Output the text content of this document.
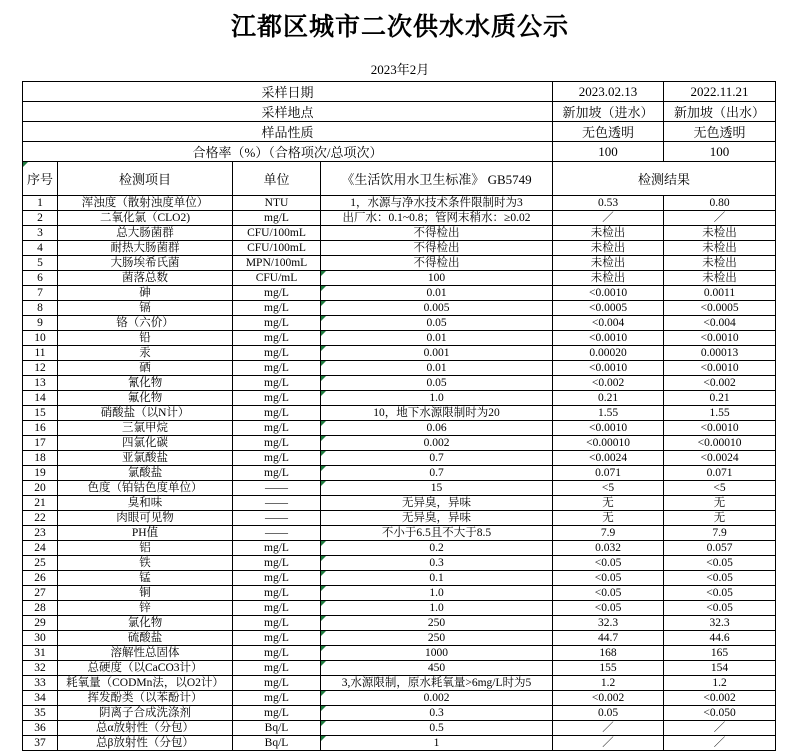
江都区城市二次供水水质公示
2023年2月
采样日期				2023.02.13	2022.11.21
采样地点				新加坡（进水）	新加坡（出水）
样品性质				无色透明	无色透明
合格率（%）（合格项次/总项次）				100	100
序号	检测项目	单位	《生活饮用水卫生标准》 GB5749	检测结果	
1	浑浊度（散射浊度单位）	NTU	1，水源与净水技术条件限制时为3	0.53	0.80
2	二氧化氯（CLO2)	mg/L	出厂水：0.1~0.8；管网末稍水：≥0.02	／	／
3	总大肠菌群	CFU/100mL	不得检出	未检出	未检出
4	耐热大肠菌群	CFU/100mL	不得检出	未检出	未检出
5	大肠埃希氏菌	MPN/100mL	不得检出	未检出	未检出
6	菌落总数	CFU/mL	100	未检出	未检出
7	砷	mg/L	0.01	<0.0010	0.0011
8	镉	mg/L	0.005	<0.0005	<0.0005
9	铬（六价）	mg/L	0.05	<0.004	<0.004
10	铅	mg/L	0.01	<0.0010	<0.0010
11	汞	mg/L	0.001	0.00020	0.00013
12	硒	mg/L	0.01	<0.0010	<0.0010
13	氰化物	mg/L	0.05	<0.002	<0.002
14	氟化物	mg/L	1.0	0.21	0.21
15	硝酸盐（以N计）	mg/L	10，地下水源限制时为20	1.55	1.55
16	三氯甲烷	mg/L	0.06	<0.0010	<0.0010
17	四氯化碳	mg/L	0.002	<0.00010	<0.00010
18	亚氯酸盐	mg/L	0.7	<0.0024	<0.0024
19	氯酸盐	mg/L	0.7	0.071	0.071
20	色度（铂钴色度单位）	——	15	<5	<5
21	臭和味	——	无异臭，异味	无	无
22	肉眼可见物	——	无异臭，异味	无	无
23	PH值	——	不小于6.5且不大于8.5	7.9	7.9
24	铝	mg/L	0.2	0.032	0.057
25	铁	mg/L	0.3	<0.05	<0.05
26	锰	mg/L	0.1	<0.05	<0.05
27	铜	mg/L	1.0	<0.05	<0.05
28	锌	mg/L	1.0	<0.05	<0.05
29	氯化物	mg/L	250	32.3	32.3
30	硫酸盐	mg/L	250	44.7	44.6
31	溶解性总固体	mg/L	1000	168	165
32	总硬度（以CaCO3计）	mg/L	450	155	154
33	耗氧量（CODMn法，以O2计）	mg/L	3,水源限制，原水耗氧量>6mg/L时为5	1.2	1.2
34	挥发酚类（以苯酚计）	mg/L	0.002	<0.002	<0.002
35	阴离子合成洗涤剂	mg/L	0.3	0.05	<0.050
36	总α放射性（分包）	Bq/L	0.5	／	／
37	总β放射性（分包）	Bq/L	1	／	／
